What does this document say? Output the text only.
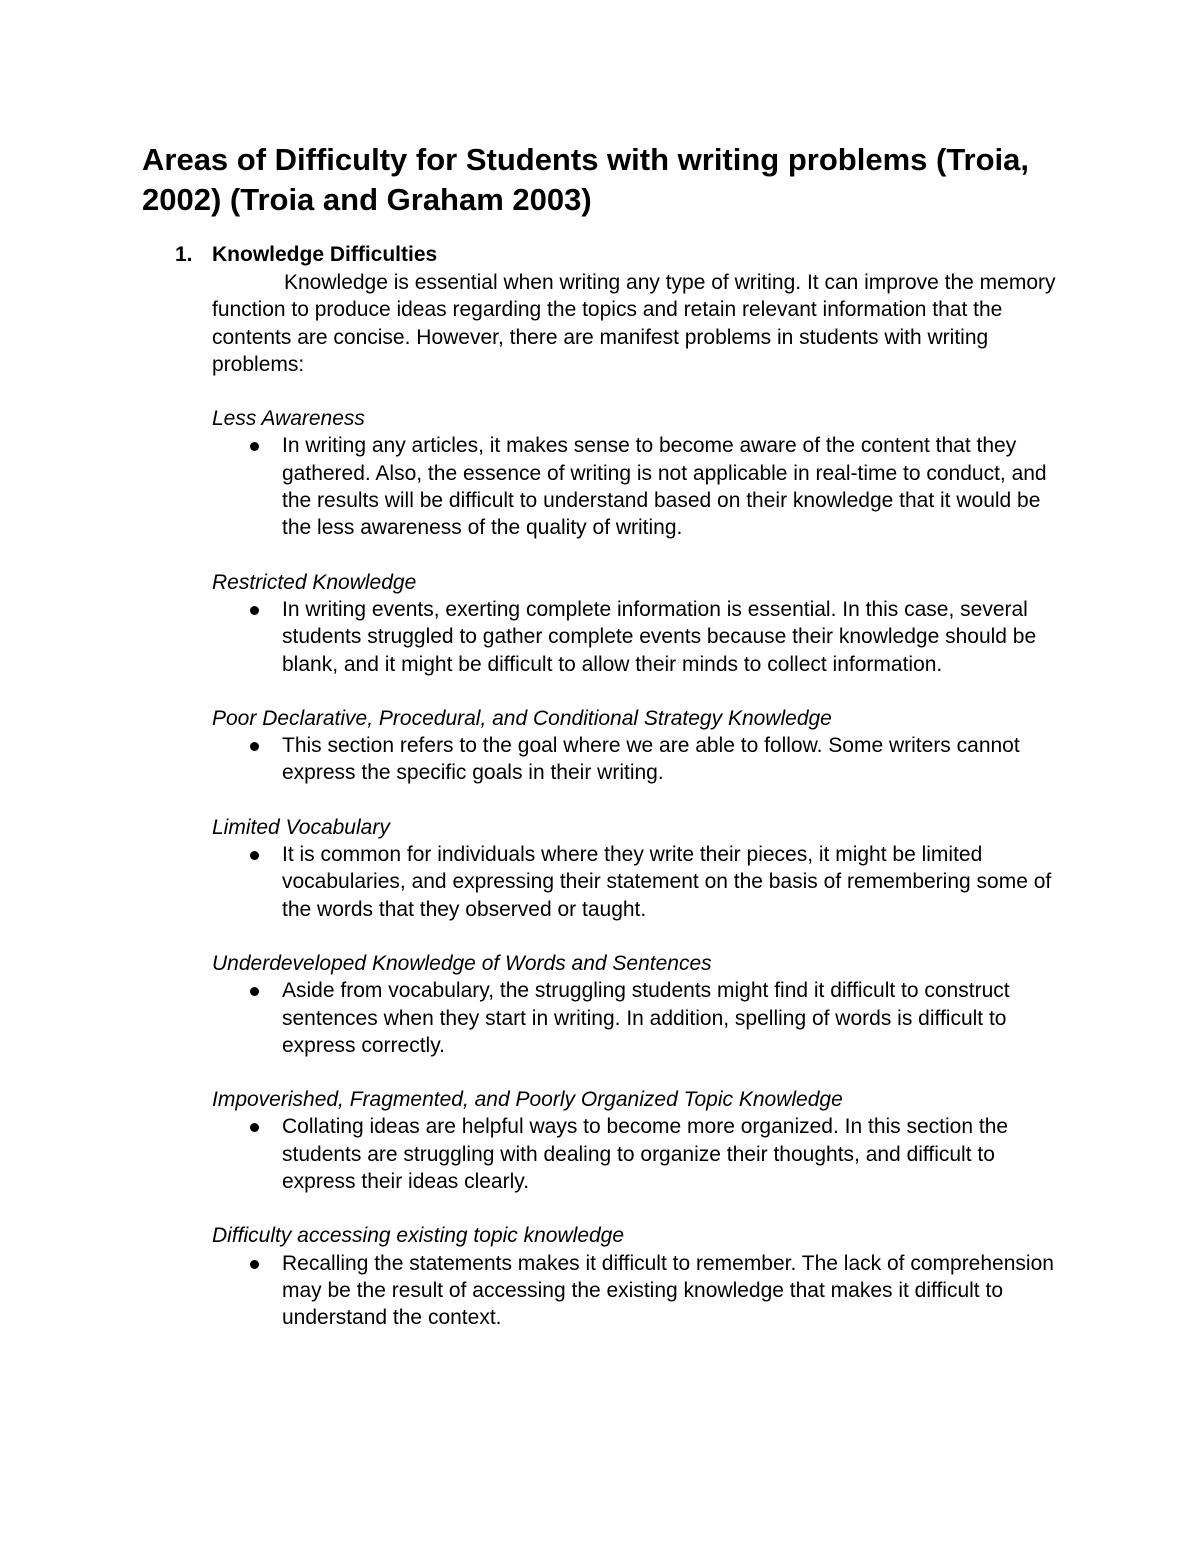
Areas of Difficulty for Students with writing problems (Troia, 2002) (Troia and Graham 2003)
1. Knowledge Difficulties

Knowledge is essential when writing any type of writing. It can improve the memory function to produce ideas regarding the topics and retain relevant information that the contents are concise. However, there are manifest problems in students with writing problems:

Less Awareness

In writing any articles, it makes sense to become aware of the content that they gathered. Also, the essence of writing is not applicable in real-time to conduct, and the results will be difficult to understand based on their knowledge that it would be the less awareness of the quality of writing.

Restricted Knowledge

In writing events, exerting complete information is essential. In this case, several students struggled to gather complete events because their knowledge should be blank, and it might be difficult to allow their minds to collect information.

Poor Declarative, Procedural, and Conditional Strategy Knowledge

This section refers to the goal where we are able to follow. Some writers cannot express the specific goals in their writing.

Limited Vocabulary

It is common for individuals where they write their pieces, it might be limited vocabularies, and expressing their statement on the basis of remembering some of the words that they observed or taught.

Underdeveloped Knowledge of Words and Sentences

Aside from vocabulary, the struggling students might find it difficult to construct sentences when they start in writing. In addition, spelling of words is difficult to express correctly.

Impoverished, Fragmented, and Poorly Organized Topic Knowledge

Collating ideas are helpful ways to become more organized. In this section the students are struggling with dealing to organize their thoughts, and difficult to express their ideas clearly.

Difficulty accessing existing topic knowledge

Recalling the statements makes it difficult to remember. The lack of comprehension may be the result of accessing the existing knowledge that makes it difficult to understand the context.
